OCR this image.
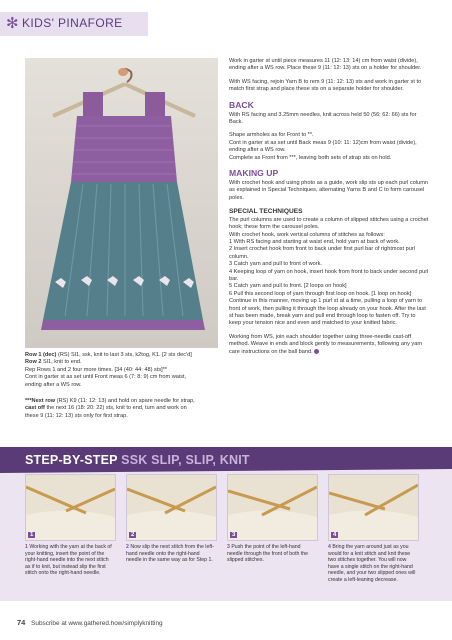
✻ KIDS' PINAFORE
Row 1 (dec) (RS) Sl1, ssk, knit to last 3 sts, k2tog, K1. [2 sts dec'd]
Row 2 Sl1, knit to end.
Rep Rows 1 and 2 four more times. [34 (40: 44: 48) sts]**
Cont in garter st as set until Front meas 6 (7: 8: 9) cm from waist,
ending after a WS row.
***Next row (RS) K9 (11: 12: 13) and hold on spare needle for strap,
cast off the next 16 (18: 20: 22) sts, knit to end, turn and work on
these 9 (11: 12: 13) sts only for first strap.

Work in garter st until piece measures 11 (12: 13: 14) cm from waist (divide), ending after a WS row. Place these 9 (11: 12: 13) sts on a holder for shoulder.

With WS facing, rejoin Yarn B to rem 9 (11: 12: 13) sts and work in garter st to match first strap and place these sts on a separate holder for shoulder.

BACK

With RS facing and 3.25mm needles, knit across held 50 (56: 62: 66) sts for Back.

Shape armholes as for Front to **.
Cont in garter st as set until Back meas 9 (10: 11: 12)cm from waist (divide), ending after a WS row.

Complete as Front from ***, leaving both sets of strap sts on hold.

MAKING UP

With crochet hook and using photo as a guide, work slip sts up each purl column as explained in Special Techniques, alternating Yarns B and C to form carousel poles.

SPECIAL TECHNIQUES
The purl columns are used to create a column of slipped stitches using a crochet hook; these form the carousel poles.
With crochet hook, work vertical columns of stitches as follows:
1 With RS facing and starting at waist end, hold yarn at back of work.
2 Insert crochet hook from front to back under first purl bar of rightmost purl column.
3 Catch yarn and pull to front of work.
4 Keeping loop of yarn on hook, insert hook from front to back under second purl bar.
5 Catch yarn and pull to front. [2 loops on hook]
6 Pull this second loop of yarn through first loop on hook. [1 loop on hook]

Continue in this manner, moving up 1 purl st at a time, pulling a loop of yarn to front of work, then pulling it through the loop already on your hook. After the last st has been made, break yarn and pull end through loop to fasten off. Try to keep your tension nice and even and matched to your knitted fabric.

Working from WS, join each shoulder together using three-needle cast-off method. Weave in ends and block gently to measurements, following any yarn care instructions on the ball band.
STEP-BY-STEP SSK SLIP, SLIP, KNIT
1	2	3	4
1 Working with the yarn at the back of your knitting, insert the point of the right-hand needle into the next stitch as if to knit, but instead slip the first stitch onto the right-hand needle.
2 Now slip the next stitch from the left-hand needle onto the right-hand needle in the same way as for Step 1.
3 Push the point of the left-hand needle through the front of both the slipped stitches.
4 Bring the yarn around just as you would for a knit stitch and knit these two stitches together. You will now have a single stitch on the right-hand needle, and your two slipped ones will create a left-leaning decrease.
74 Subscribe at www.gathered.how/simplyknitting
